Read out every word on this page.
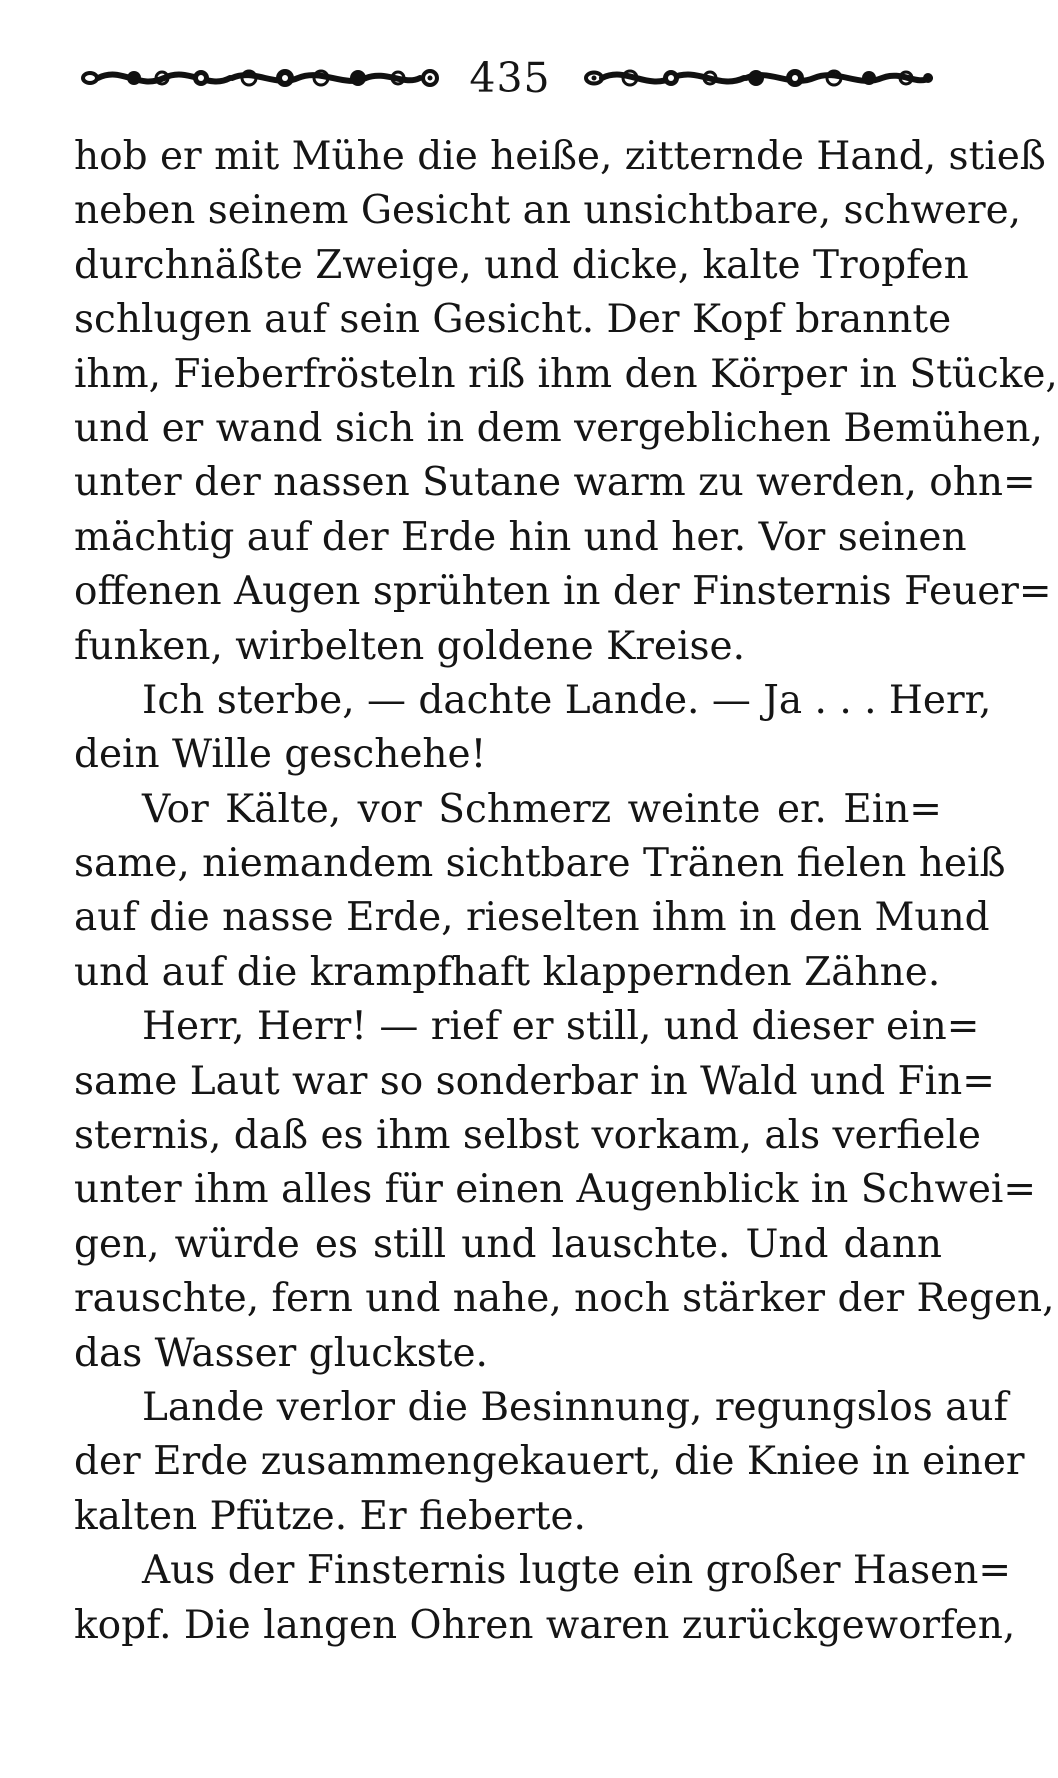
435
hob er mit Mühe die heiße, zitternde Hand, stieß
neben seinem Gesicht an unsichtbare, schwere,
durchnäßte Zweige, und dicke, kalte Tropfen
schlugen auf sein Gesicht. Der Kopf brannte
ihm, Fieberfrösteln riß ihm den Körper in Stücke,
und er wand sich in dem vergeblichen Bemühen,
unter der nassen Sutane warm zu werden, ohn=
mächtig auf der Erde hin und her. Vor seinen
offenen Augen sprühten in der Finsternis Feuer=
funken, wirbelten goldene Kreise.
Ich sterbe, — dachte Lande. — Ja . . . Herr,
dein Wille geschehe!
Vor Kälte, vor Schmerz weinte er. Ein=
same, niemandem sichtbare Tränen fielen heiß
auf die nasse Erde, rieselten ihm in den Mund
und auf die krampfhaft klappernden Zähne.
Herr, Herr! — rief er still, und dieser ein=
same Laut war so sonderbar in Wald und Fin=
sternis, daß es ihm selbst vorkam, als verfiele
unter ihm alles für einen Augenblick in Schwei=
gen, würde es still und lauschte. Und dann
rauschte, fern und nahe, noch stärker der Regen,
das Wasser gluckste.
Lande verlor die Besinnung, regungslos auf
der Erde zusammengekauert, die Kniee in einer
kalten Pfütze. Er fieberte.
Aus der Finsternis lugte ein großer Hasen=
kopf. Die langen Ohren waren zurückgeworfen,
